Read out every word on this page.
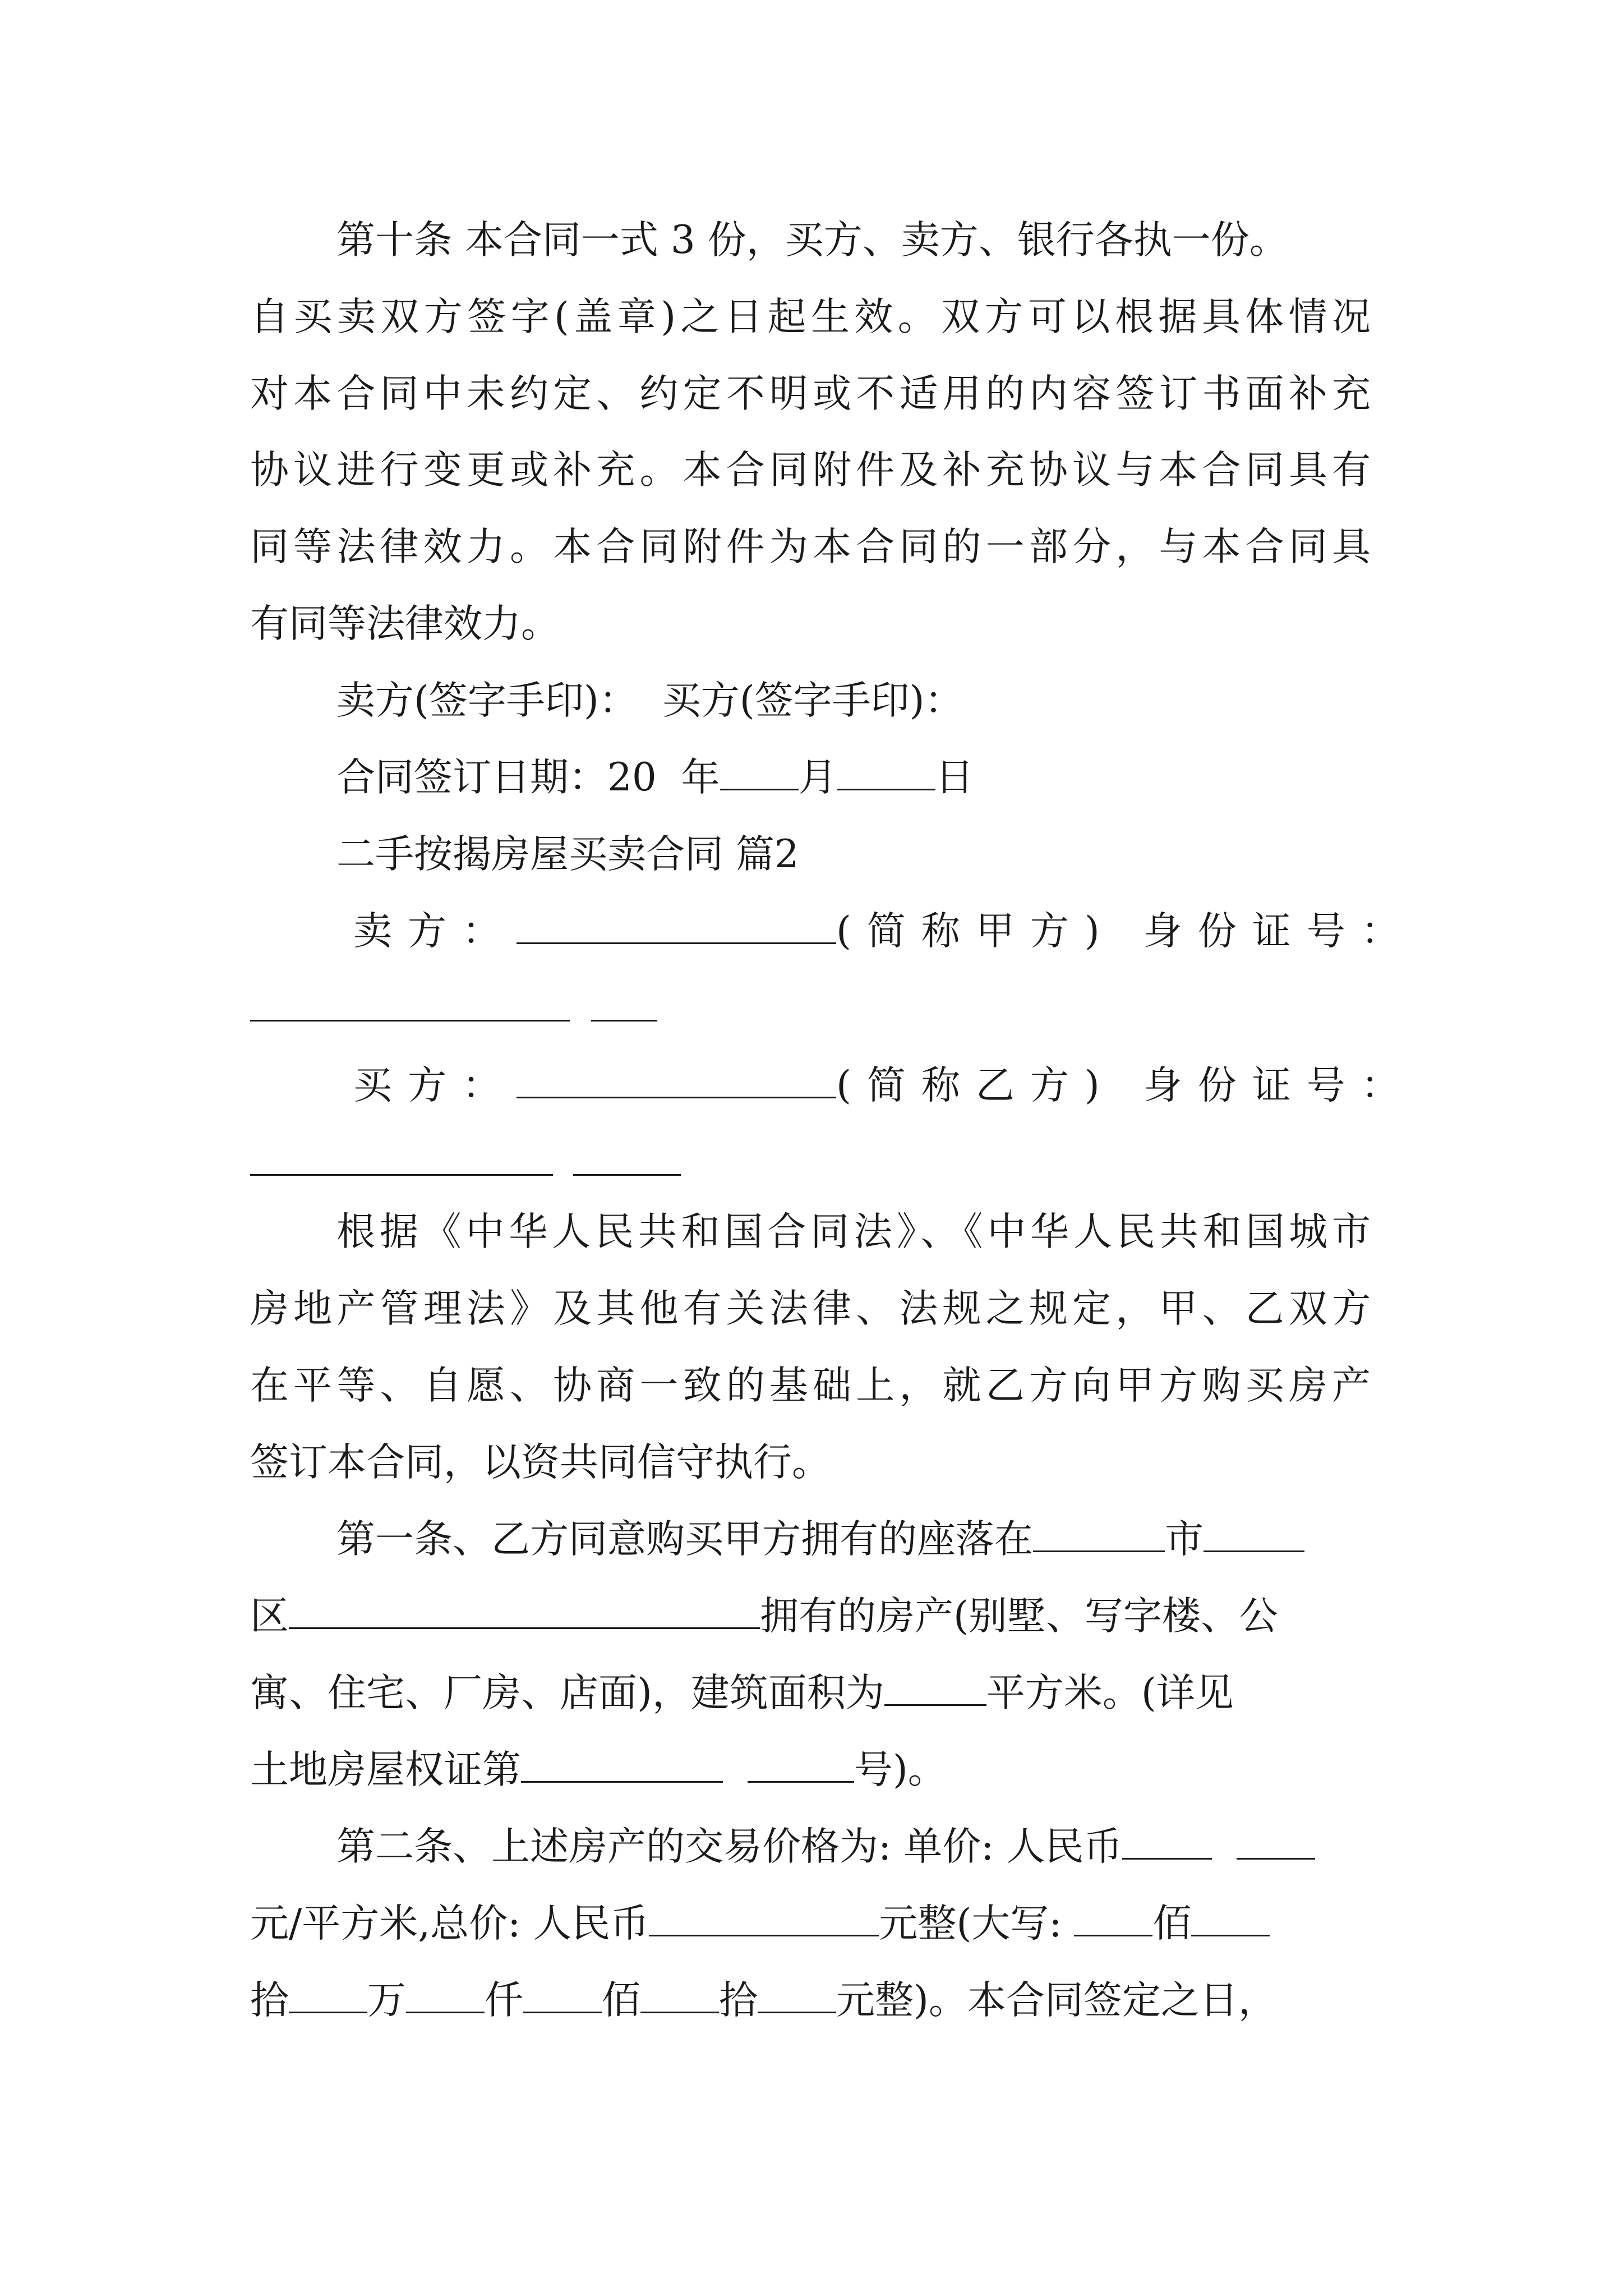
第十条 本合同一式 3 份，买方、卖方、银行各执一份。

自买卖双方签字(盖章)之日起生效。双方可以根据具体情况

对本合同中未约定、约定不明或不适用的内容签订书面补充

协议进行变更或补充。本合同附件及补充协议与本合同具有

同等法律效力。本合同附件为本合同的一部分，与本合同具

有同等法律效力。

卖方(签字手印)：  买方(签字手印)：

合同签订日期：20  年 月	日

二手按揭房屋买卖合同 篇2

卖方：	(简称甲方) 身份证号：

买方：	(简称乙方) 身份证号：

根据《中华人民共和国合同法》、《中华人民共和国城市

房地产管理法》及其他有关法律、法规之规定，甲、乙双方

在平等、自愿、协商一致的基础上，就乙方向甲方购买房产

签订本合同，以资共同信守执行。

第一条、乙方同意购买甲方拥有的座落在	市

区	拥有的房产(别墅、写字楼、公

寓、住宅、厂房、店面)，建筑面积为	平方米。(详见

土地房屋权证第	号)。

第二条、上述房产的交易价格为: 单价: 人民币

元/平方米,总价: 人民币	元整(大写: 佰

拾 万 仟 佰 拾 元整)。本合同签定之日，
